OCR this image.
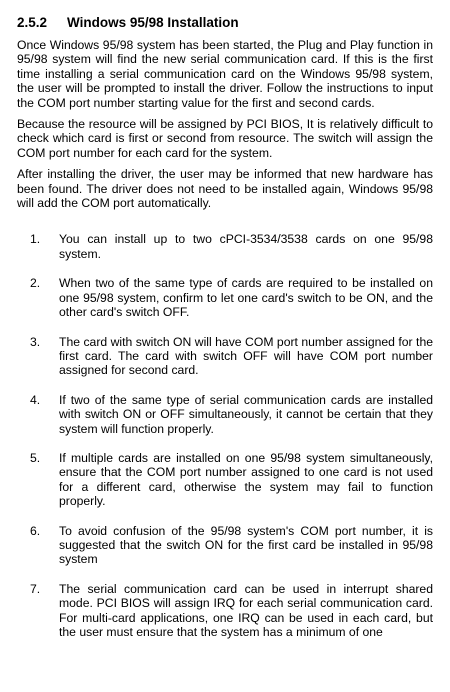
2.5.2	Windows 95/98 Installation

Once Windows 95/98 system has been started, the Plug and Play function in 95/98 system will find the new serial communication card. If this is the first time installing a serial communication card on the Windows 95/98 system, the user will be prompted to install the driver. Follow the instructions to input the COM port number starting value for the first and second cards.

Because the resource will be assigned by PCI BIOS, It is relatively difficult to check which card is first or second from resource. The switch will assign the COM port number for each card for the system.

After installing the driver, the user may be informed that new hardware has been found. The driver does not need to be installed again, Windows 95/98 will add the COM port automatically.

1.	You can install up to two cPCI-3534/3538 cards on one 95/98 system.
2.	When two of the same type of cards are required to be installed on one 95/98 system, confirm to let one card's switch to be ON, and the other card's switch OFF.
3.	The card with switch ON will have COM port number assigned for the first card. The card with switch OFF will have COM port number assigned for second card.
4.	If two of the same type of serial communication cards are installed with switch ON or OFF simultaneously, it cannot be certain that they system will function properly.
5.	If multiple cards are installed on one 95/98 system simultaneously, ensure that the COM port number assigned to one card is not used for a different card, otherwise the system may fail to function properly.
6.	To avoid confusion of the 95/98 system's COM port number, it is suggested that the switch ON for the first card be installed in 95/98 system
7.	The serial communication card can be used in interrupt shared mode. PCI BIOS will assign IRQ for each serial communication card. For multi-card applications, one IRQ can be used in each card, but the user must ensure that the system has a minimum of one
